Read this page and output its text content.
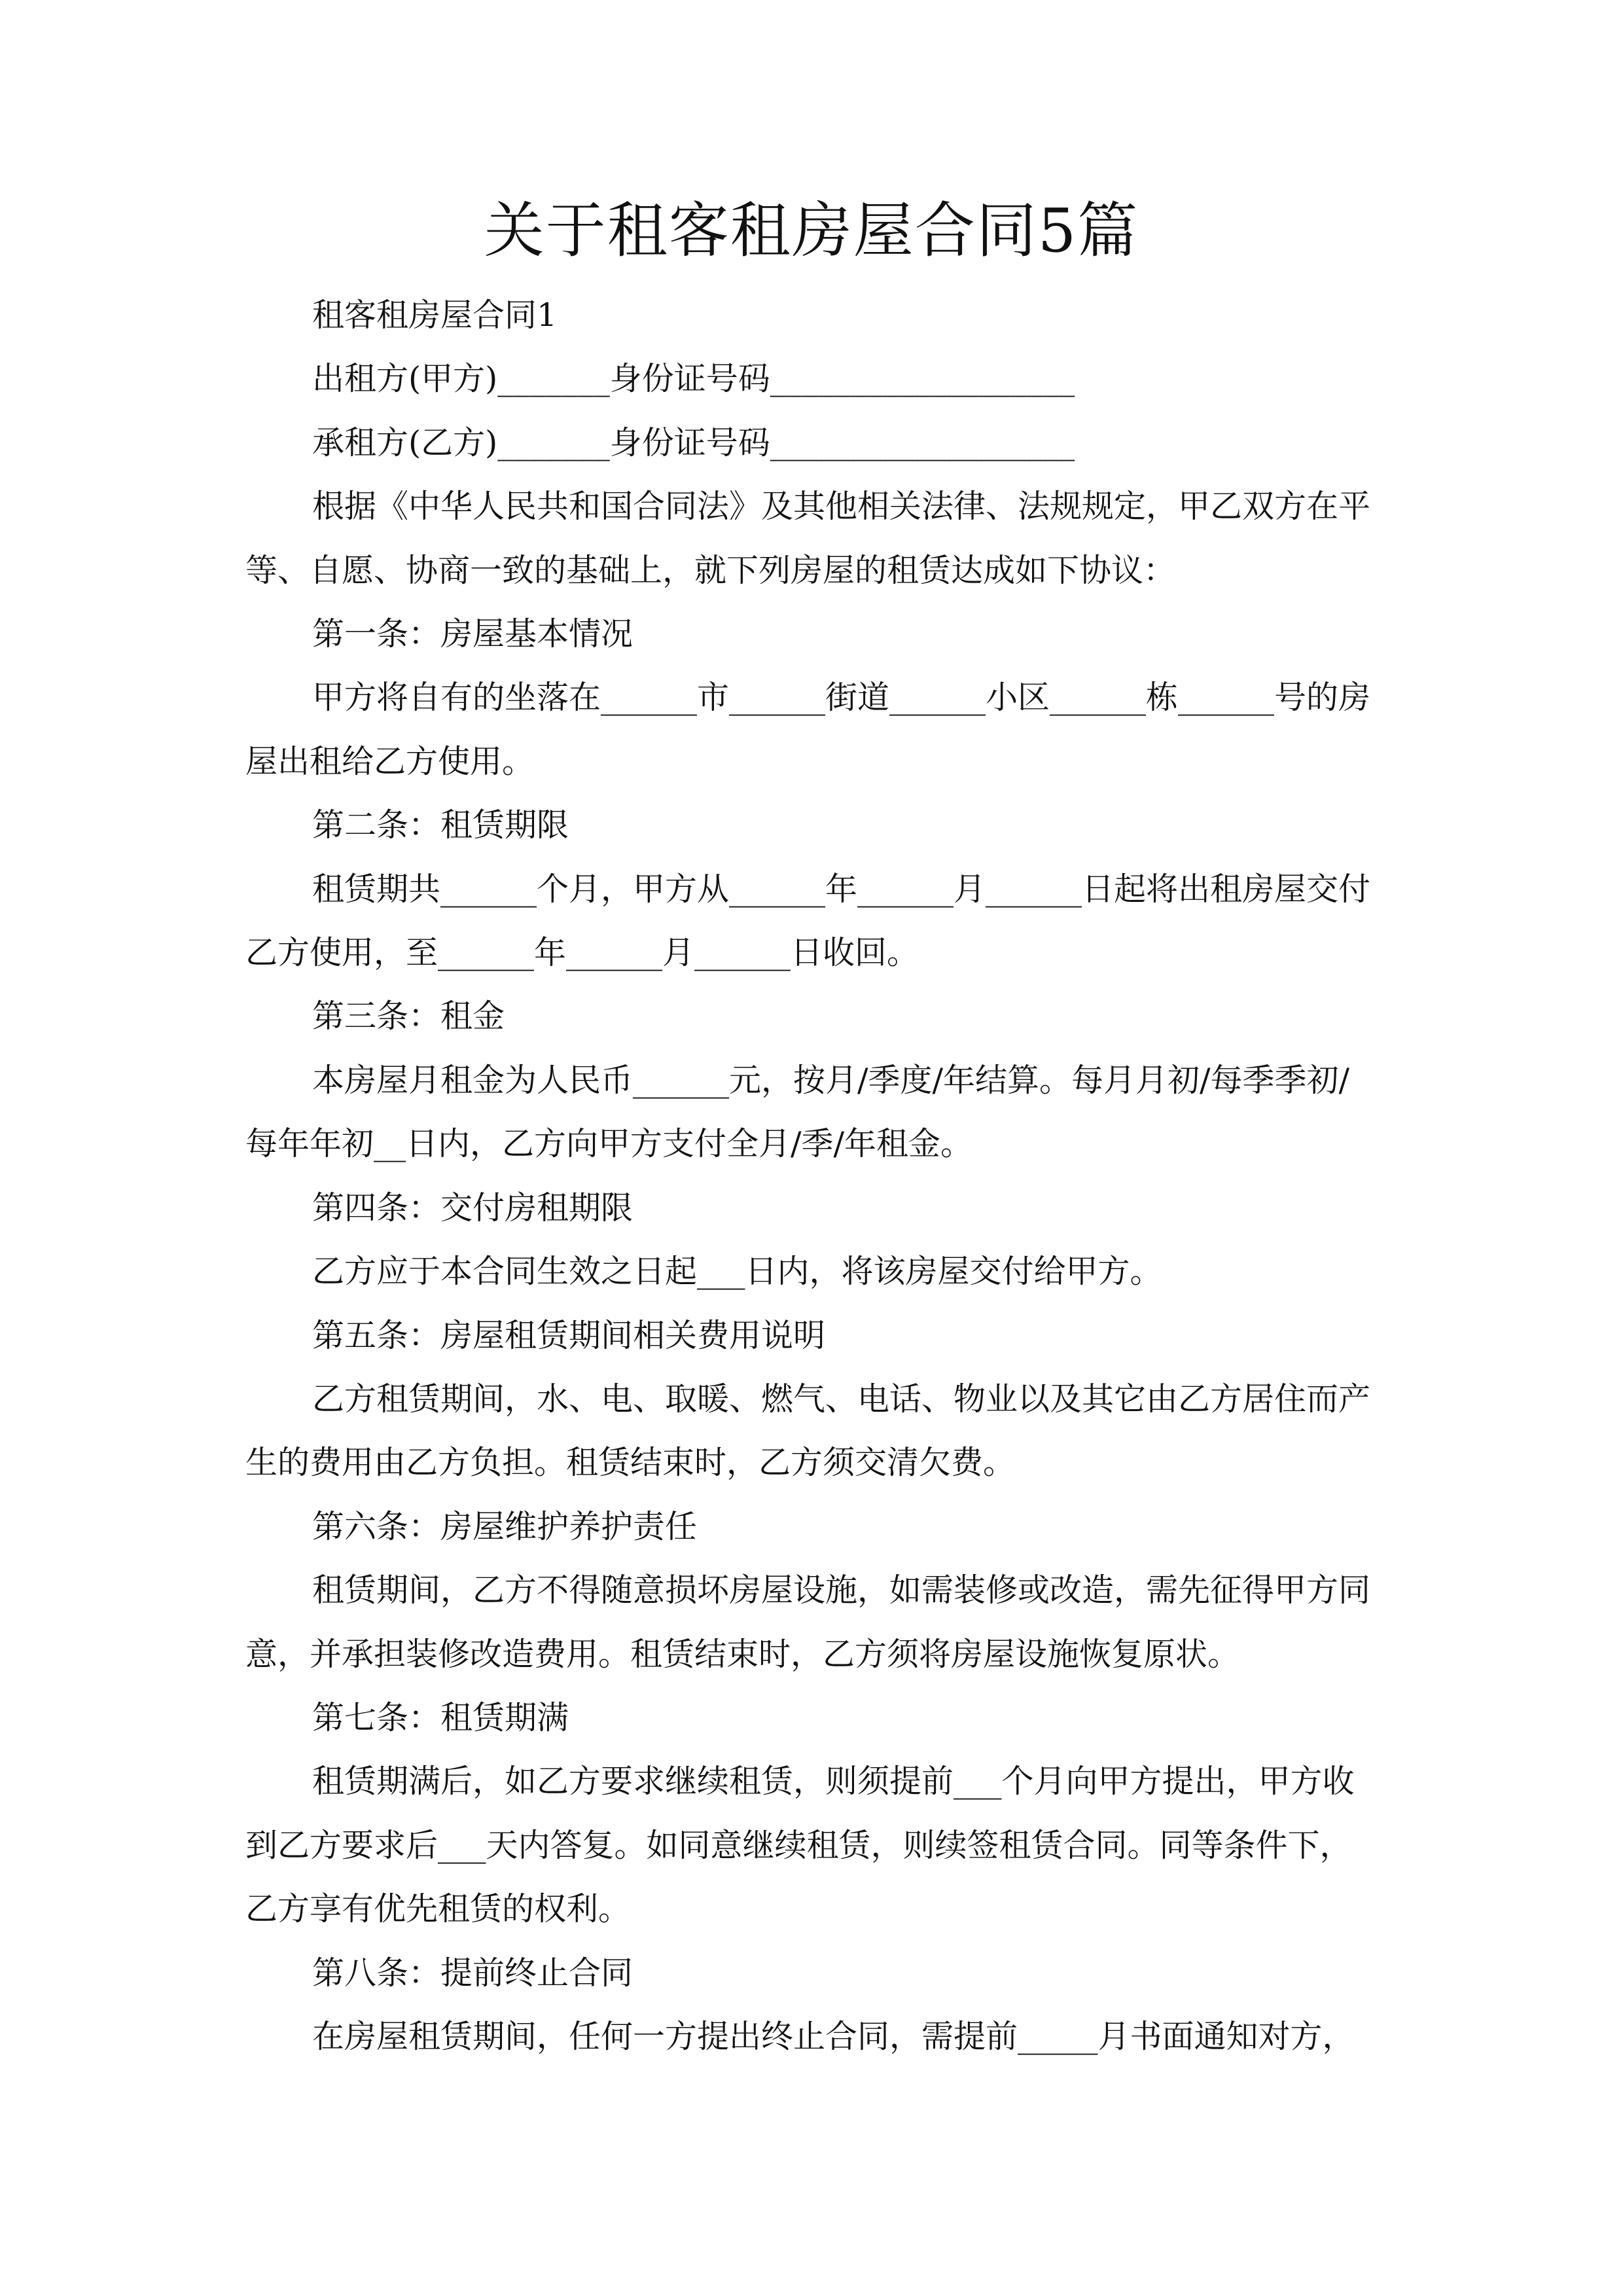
关于租客租房屋合同5篇

租客租房屋合同1

出租方(甲方)_______身份证号码___________________

承租方(乙方)_______身份证号码___________________

根据《中华人民共和国合同法》及其他相关法律、法规规定，甲乙双方在平

等、自愿、协商一致的基础上，就下列房屋的租赁达成如下协议：

第一条：房屋基本情况

甲方将自有的坐落在______市______街道______小区______栋______号的房

屋出租给乙方使用。

第二条：租赁期限

租赁期共______个月，甲方从______年______月______日起将出租房屋交付

乙方使用，至______年______月______日收回。

第三条：租金

本房屋月租金为人民币______元，按月/季度/年结算。每月月初/每季季初/

每年年初__日内，乙方向甲方支付全月/季/年租金。

第四条：交付房租期限

乙方应于本合同生效之日起___日内，将该房屋交付给甲方。

第五条：房屋租赁期间相关费用说明

乙方租赁期间，水、电、取暖、燃气、电话、物业以及其它由乙方居住而产

生的费用由乙方负担。租赁结束时，乙方须交清欠费。

第六条：房屋维护养护责任

租赁期间，乙方不得随意损坏房屋设施，如需装修或改造，需先征得甲方同

意，并承担装修改造费用。租赁结束时，乙方须将房屋设施恢复原状。

第七条：租赁期满

租赁期满后，如乙方要求继续租赁，则须提前___个月向甲方提出，甲方收

到乙方要求后___天内答复。如同意继续租赁，则续签租赁合同。同等条件下，

乙方享有优先租赁的权利。

第八条：提前终止合同

在房屋租赁期间，任何一方提出终止合同，需提前_____月书面通知对方，
